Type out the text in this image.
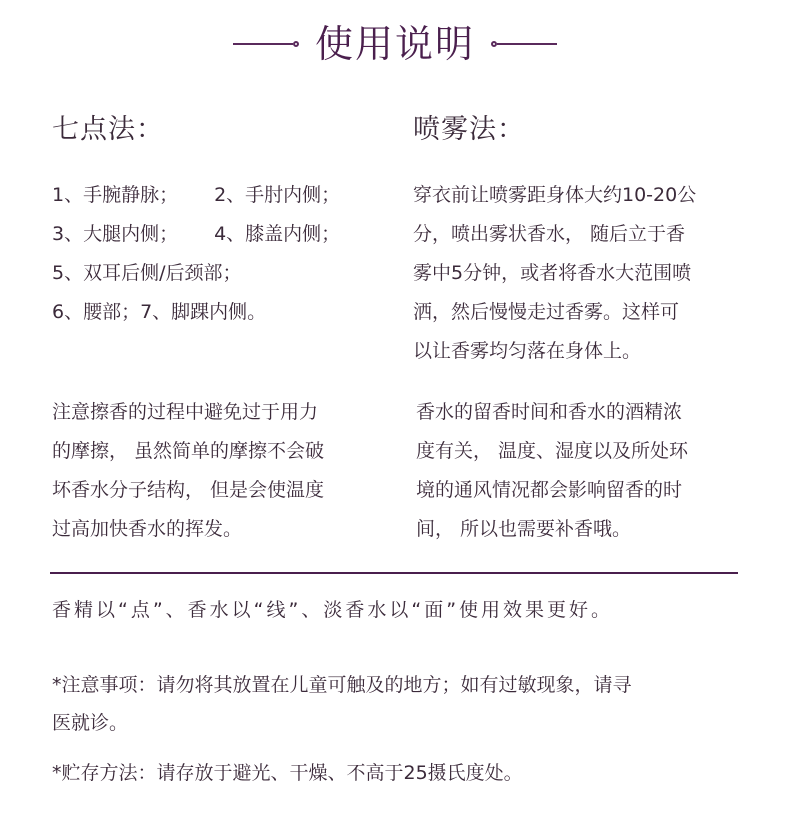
使用说明
七点法：
1、手腕静脉； 2、手肘内侧；
3、大腿内侧； 4、膝盖内侧；
5、双耳后侧/后颈部；
6、腰部；7、脚踝内侧。
喷雾法：
穿衣前让喷雾距身体大约10-20公
分，喷出雾状香水， 随后立于香
雾中5分钟，或者将香水大范围喷
洒，然后慢慢走过香雾。这样可
以让香雾均匀落在身体上。
注意擦香的过程中避免过于用力
的摩擦， 虽然简单的摩擦不会破
坏香水分子结构， 但是会使温度
过高加快香水的挥发。
香水的留香时间和香水的酒精浓
度有关， 温度、湿度以及所处环
境的通风情况都会影响留香的时
间， 所以也需要补香哦。
香精以“点”、香水以“线”、淡香水以“面”使用效果更好。
*注意事项：请勿将其放置在儿童可触及的地方；如有过敏现象，请寻
医就诊。
*贮存方法：请存放于避光、干燥、不高于25摄氏度处。
